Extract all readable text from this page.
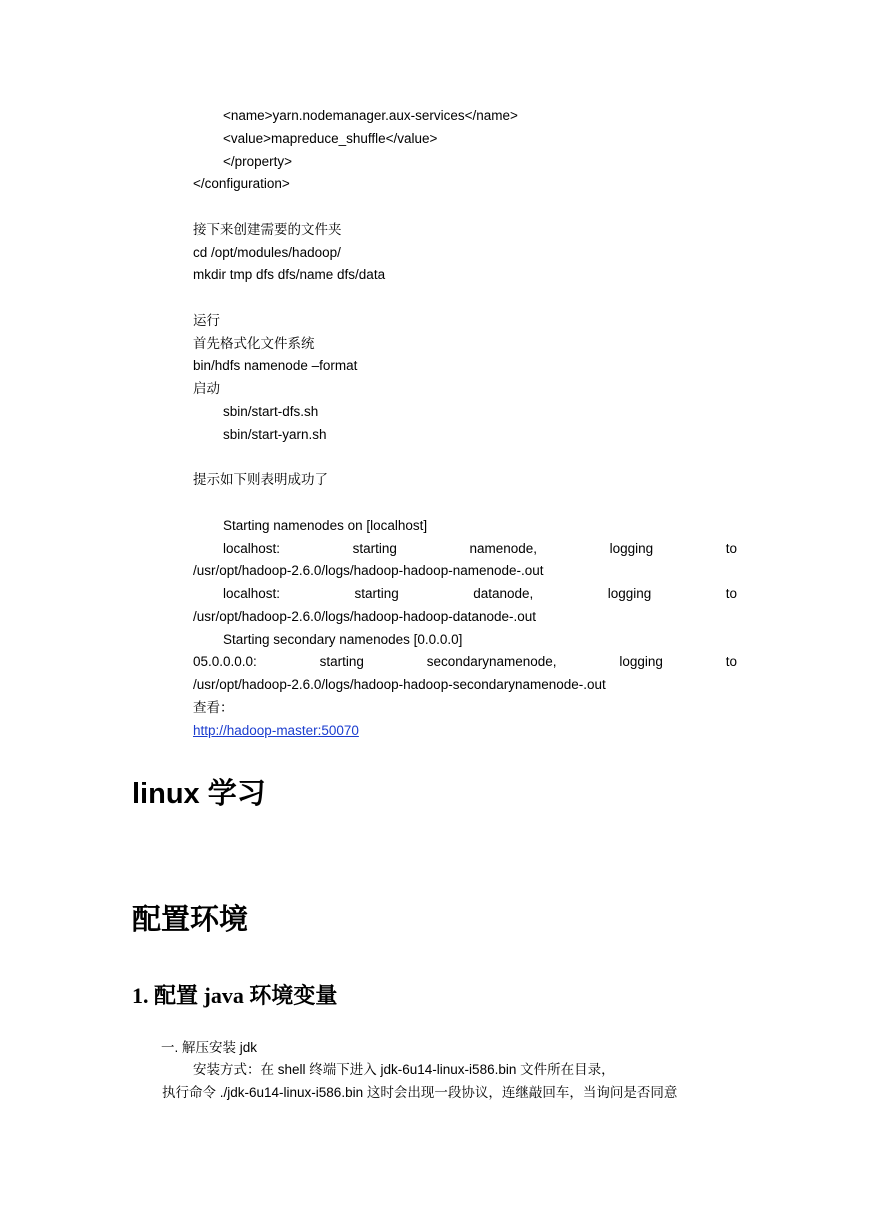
<name>yarn.nodemanager.aux-services</name>
<value>mapreduce_shuffle</value>
</property>
</configuration>
接下来创建需要的文件夹
cd /opt/modules/hadoop/
mkdir tmp dfs dfs/name dfs/data
运行
首先格式化文件系统
bin/hdfs namenode –format
启动
sbin/start-dfs.sh
sbin/start-yarn.sh
提示如下则表明成功了
Starting namenodes on [localhost]
localhost:	starting	namenode,	logging	to
/usr/opt/hadoop-2.6.0/logs/hadoop-hadoop-namenode-.out
localhost:	starting	datanode,	logging	to
/usr/opt/hadoop-2.6.0/logs/hadoop-hadoop-datanode-.out
Starting secondary namenodes [0.0.0.0]
05.0.0.0.0:	starting	secondarynamenode,	logging	to
/usr/opt/hadoop-2.6.0/logs/hadoop-hadoop-secondarynamenode-.out
查看：
http://hadoop-master:50070
linux 学习
配置环境
1. 配置 java 环境变量
一. 解压安装 jdk
安装方式：在 shell 终端下进入 jdk-6u14-linux-i586.bin 文件所在目录，
执行命令 ./jdk-6u14-linux-i586.bin 这时会出现一段协议，连继敲回车，当询问是否同意
